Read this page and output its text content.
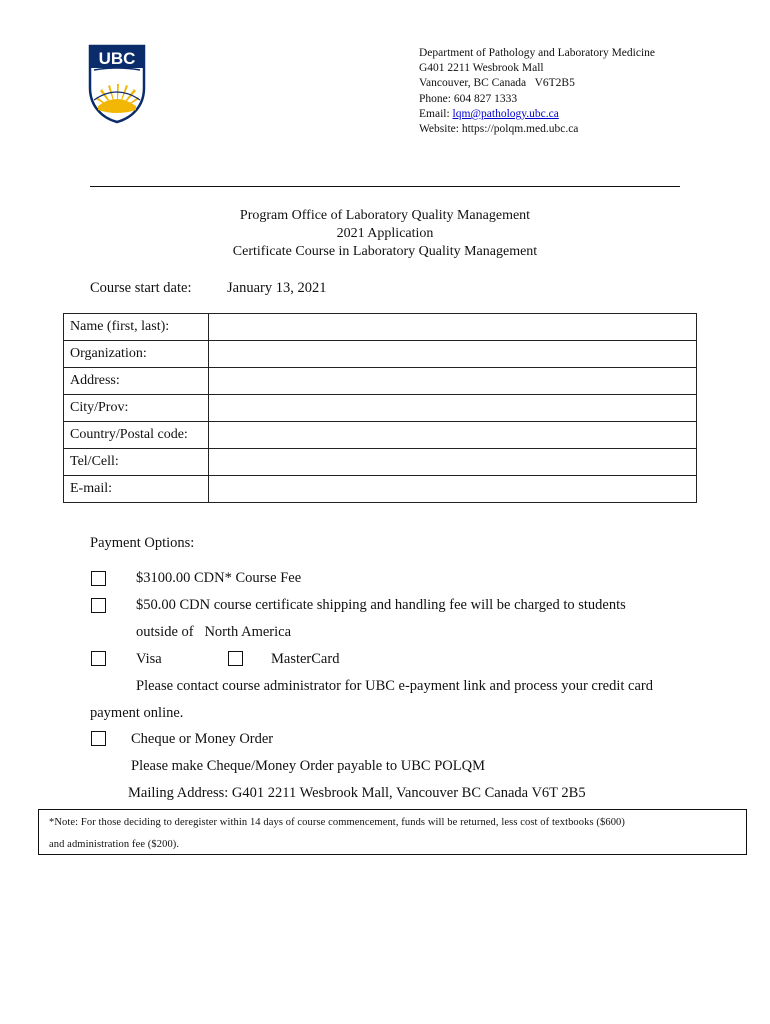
UBC	Department of Pathology and Laboratory Medicine
G401 2211 Wesbrook Mall
Vancouver, BC Canada   V6T2B5
Phone: 604 827 1333
Email: lqm@pathology.ubc.ca
Website: https://polqm.med.ubc.ca
Program Office of Laboratory Quality Management
2021 Application
Certificate Course in Laboratory Quality Management
Course start date: January 13, 2021
Name (first, last):	
Organization:	
Address:	
City/Prov:	
Country/Postal code:	
Tel/Cell:	
E-mail:	
Payment Options:
$3100.00 CDN* Course Fee
$50.00 CDN course certificate shipping and handling fee will be charged to students
outside of   North America
Visa	MasterCard
Please contact course administrator for UBC e-payment link and process your credit card
payment online.
Cheque or Money Order
Please make Cheque/Money Order payable to UBC POLQM
Mailing Address: G401 2211 Wesbrook Mall, Vancouver BC Canada V6T 2B5
*Note: For those deciding to deregister within 14 days of course commencement, funds will be returned, less cost of textbooks ($600)
and administration fee ($200).
